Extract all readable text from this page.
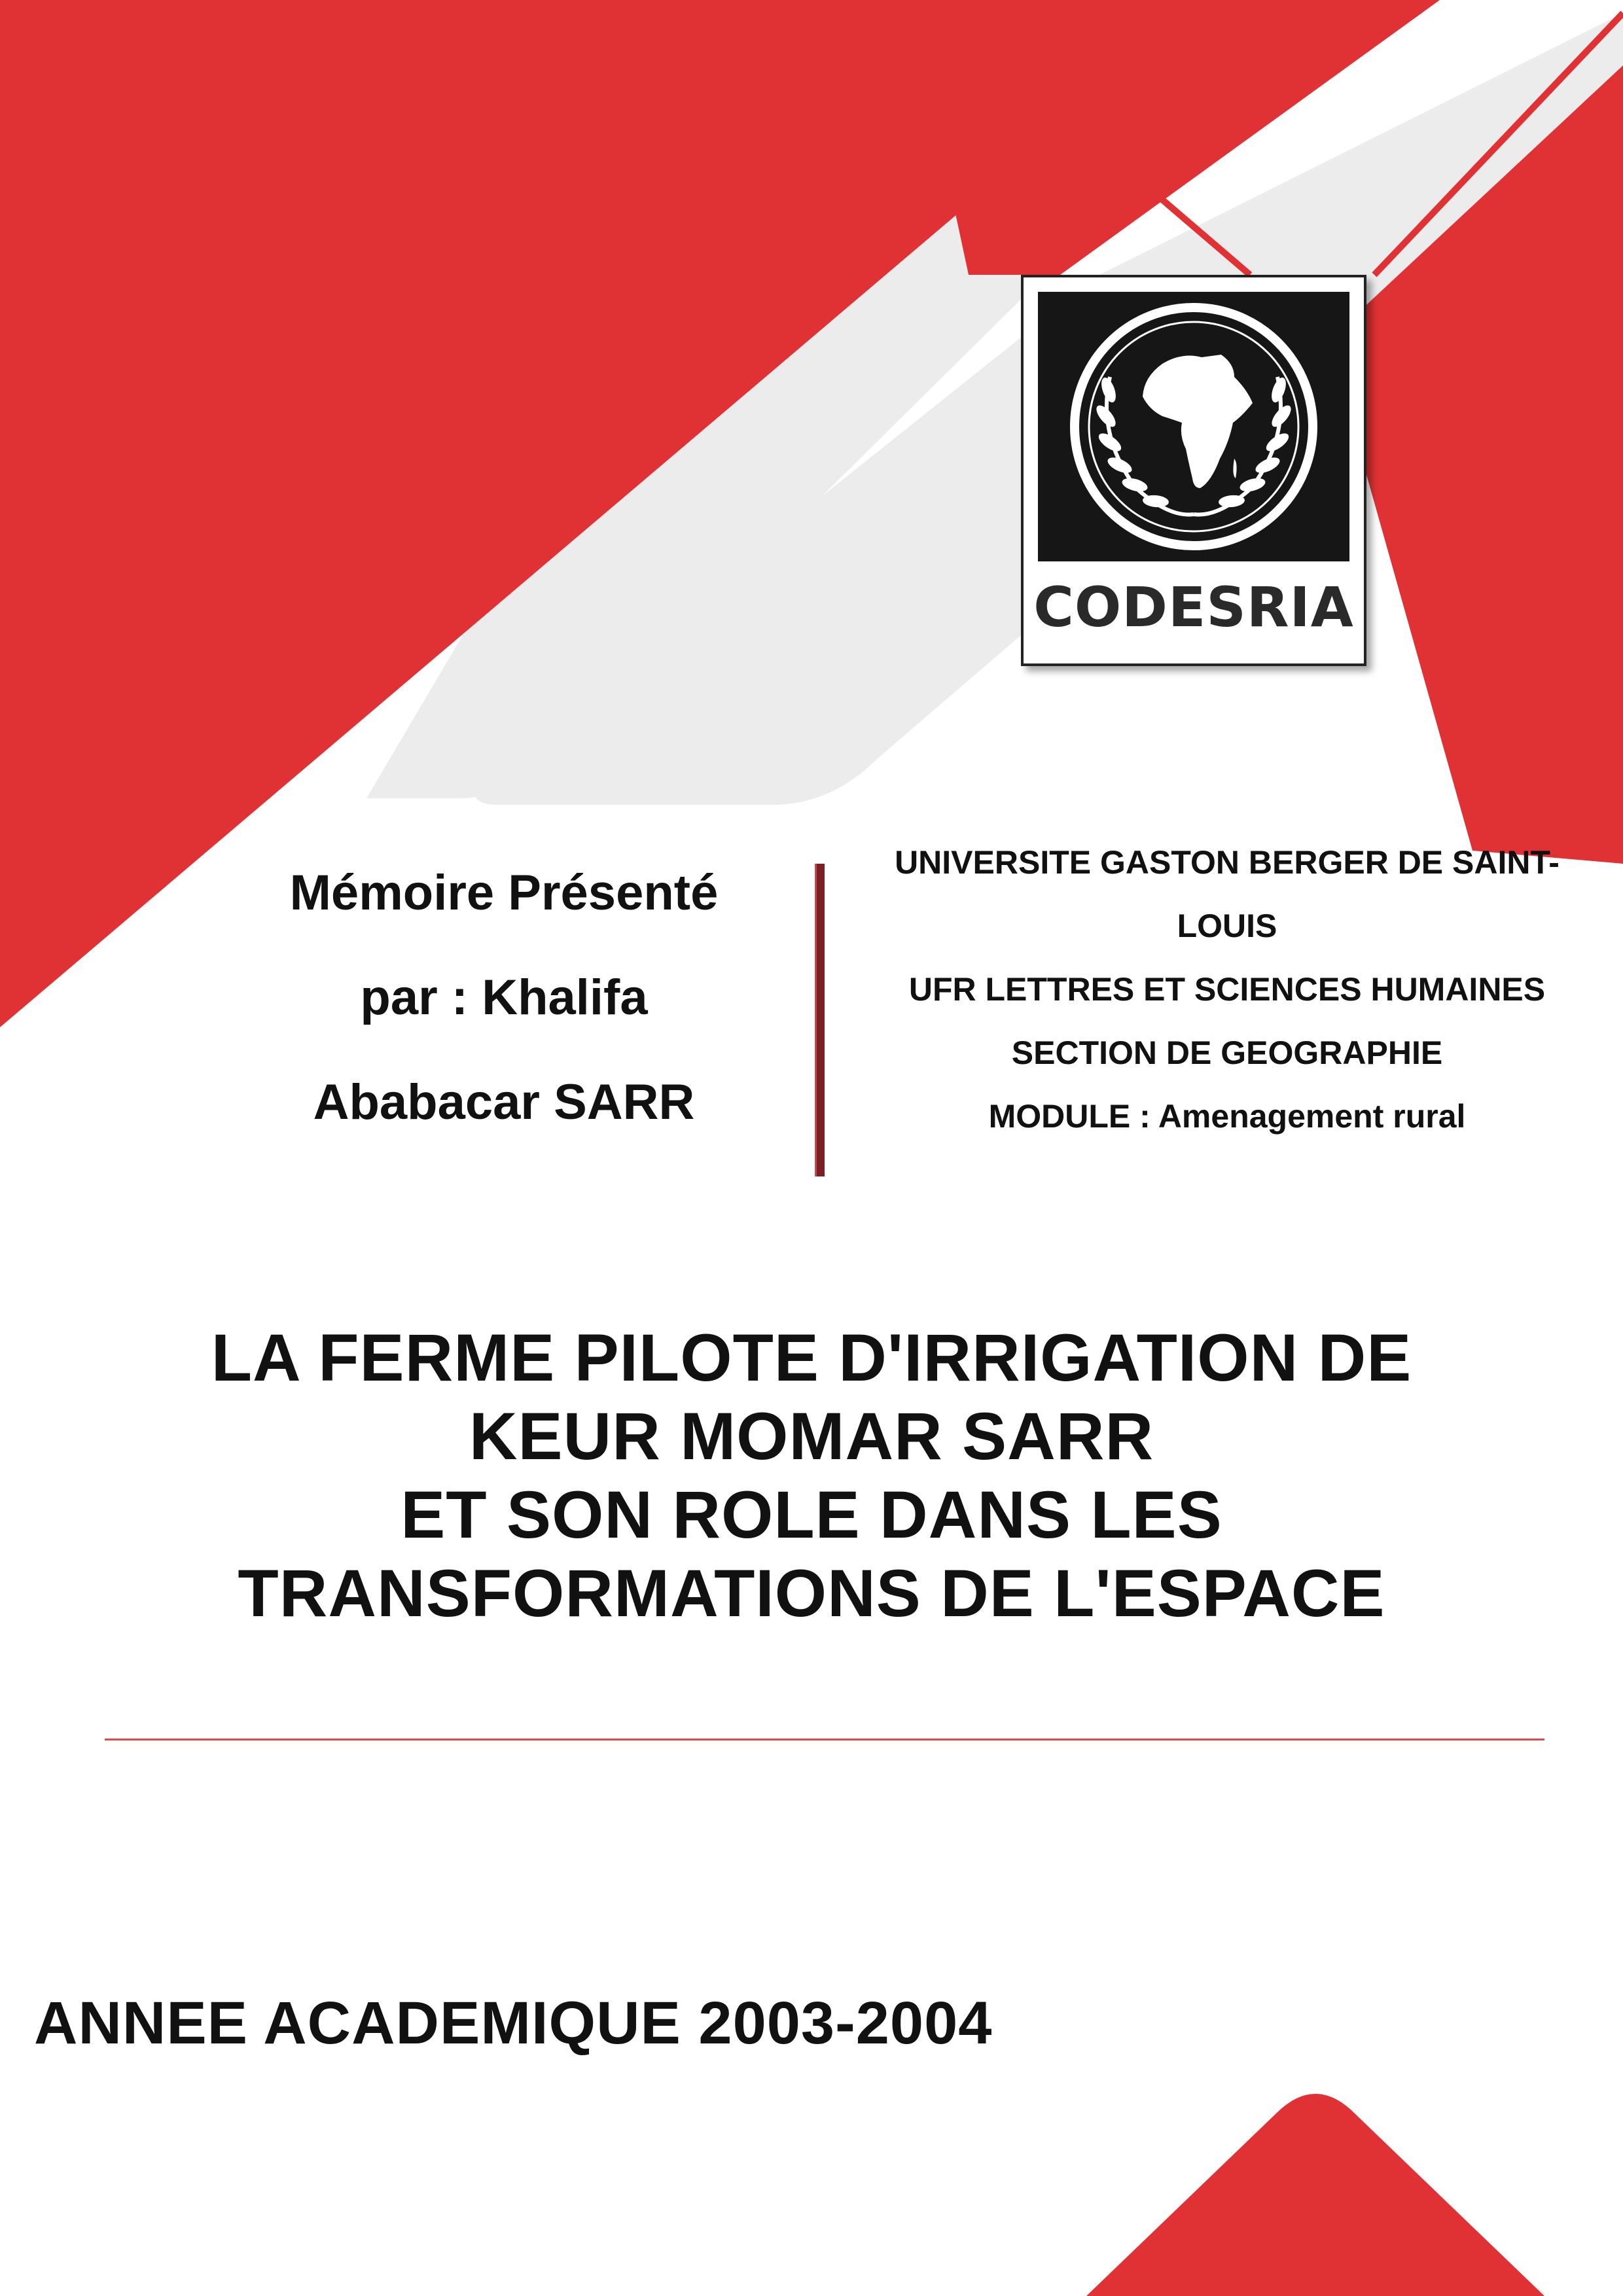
CODESRIA
Mémoire Présenté
par : Khalifa
Ababacar SARR
UNIVERSITE GASTON BERGER DE SAINT-
LOUIS
UFR LETTRES ET SCIENCES HUMAINES
SECTION DE GEOGRAPHIE
MODULE : Amenagement rural
LA FERME PILOTE D'IRRIGATION DE
KEUR MOMAR SARR
ET SON ROLE DANS LES
TRANSFORMATIONS DE L'ESPACE
ANNEE ACADEMIQUE 2003-2004
